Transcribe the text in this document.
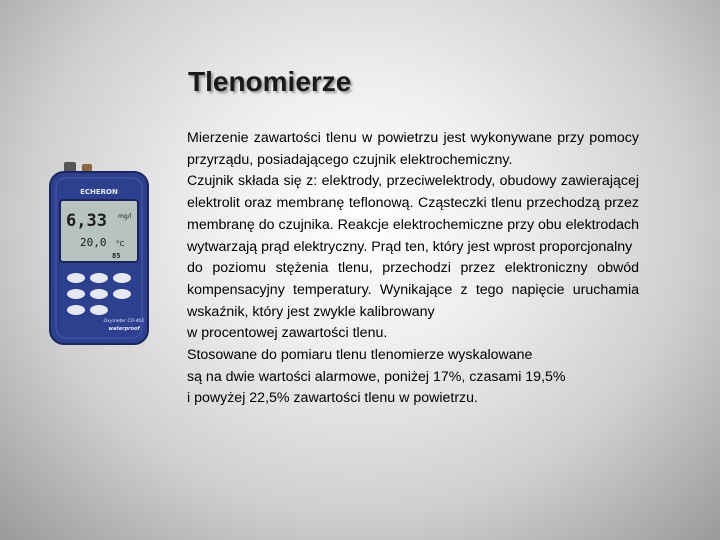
Tlenomierze

Mierzenie zawartości tlenu w powietrzu jest wykonywane przy pomocy przyrządu, posiadającego czujnik elektrochemiczny.

Czujnik składa się z: elektrody, przeciwelektrody, obudowy zawierającej elektrolit oraz membranę teflonową. Cząsteczki tlenu przechodzą przez membranę do czujnika. Reakcje elektrochemiczne przy obu elektrodach wytwarzają prąd elektryczny. Prąd ten, który jest wprost proporcjonalny

do poziomu stężenia tlenu, przechodzi przez elektroniczny obwód kompensacyjny temperatury. Wynikające z tego napięcie uruchamia wskaźnik, który jest zwykle kalibrowany

w procentowej zawartości tlenu.

Stosowane do pomiaru tlenu tlenomierze wyskalowane

są na dwie wartości alarmowe, poniżej 17%, czasami 19,5%

i powyżej 22,5% zawartości tlenu w powietrzu.

ECHERON
6,33 mg/l
20,0 °C
85
Oxymeter CO-401
waterproof
